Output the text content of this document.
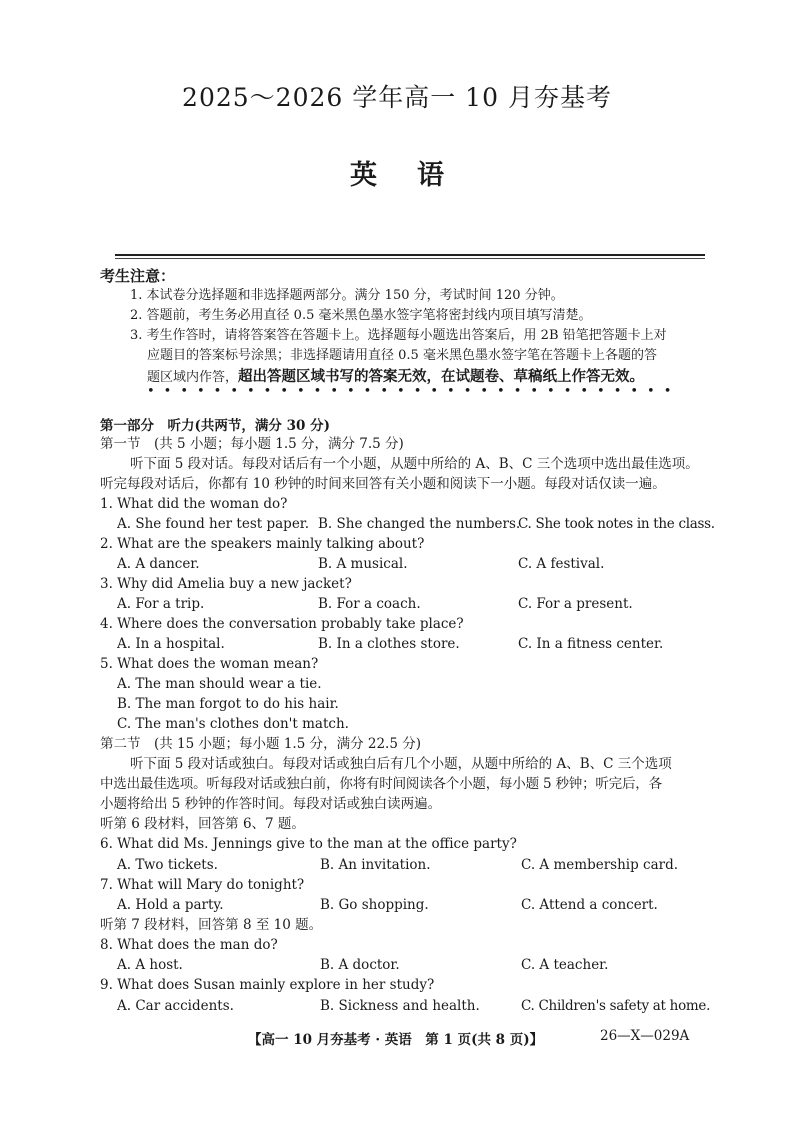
2025～2026 学年高一 10 月夯基考
英语
考生注意：
1. 本试卷分选择题和非选择题两部分。满分 150 分，考试时间 120 分钟。
2. 答题前，考生务必用直径 0.5 毫米黑色墨水签字笔将密封线内项目填写清楚。
3. 考生作答时，请将答案答在答题卡上。选择题每小题选出答案后，用 2B 铅笔把答题卡上对
应题目的答案标号涂黑；非选择题请用直径 0.5 毫米黑色墨水签字笔在答题卡上各题的答
题区域内作答，超出答题区域书写的答案无效，在试题卷、草稿纸上作答无效。
••••••••••••••••••••••••••••••••
第一部分　听力(共两节，满分 30 分)
第一节　(共 5 小题；每小题 1.5 分，满分 7.5 分)
听下面 5 段对话。每段对话后有一个小题，从题中所给的 A、B、C 三个选项中选出最佳选项。
听完每段对话后，你都有 10 秒钟的时间来回答有关小题和阅读下一小题。每段对话仅读一遍。
1. What did the woman do?
A. She found her test paper. B. She changed the numbers.
C. She took notes in the class.
2. What are the speakers mainly talking about?
A. A dancer.	B. A musical.	C. A festival.
3. Why did Amelia buy a new jacket?
A. For a trip.	B. For a coach.	C. For a present.
4. Where does the conversation probably take place?
A. In a hospital.	B. In a clothes store.	C. In a fitness center.
5. What does the woman mean?
A. The man should wear a tie.
B. The man forgot to do his hair.
C. The man's clothes don't match.
第二节　(共 15 小题；每小题 1.5 分，满分 22.5 分)
听下面 5 段对话或独白。每段对话或独白后有几个小题，从题中所给的 A、B、C 三个选项
中选出最佳选项。听每段对话或独白前，你将有时间阅读各个小题，每小题 5 秒钟；听完后，各
小题将给出 5 秒钟的作答时间。每段对话或独白读两遍。
听第 6 段材料，回答第 6、7 题。
6. What did Ms. Jennings give to the man at the office party?
A. Two tickets.	B. An invitation.	C. A membership card.
7. What will Mary do tonight?
A. Hold a party.	B. Go shopping.	C. Attend a concert.
听第 7 段材料，回答第 8 至 10 题。
8. What does the man do?
A. A host.	B. A doctor.	C. A teacher.
9. What does Susan mainly explore in her study?
A. Car accidents.	B. Sickness and health.	C. Children's safety at home.
【高一 10 月夯基考 · 英语　第 1 页(共 8 页)】	26—X—029A
